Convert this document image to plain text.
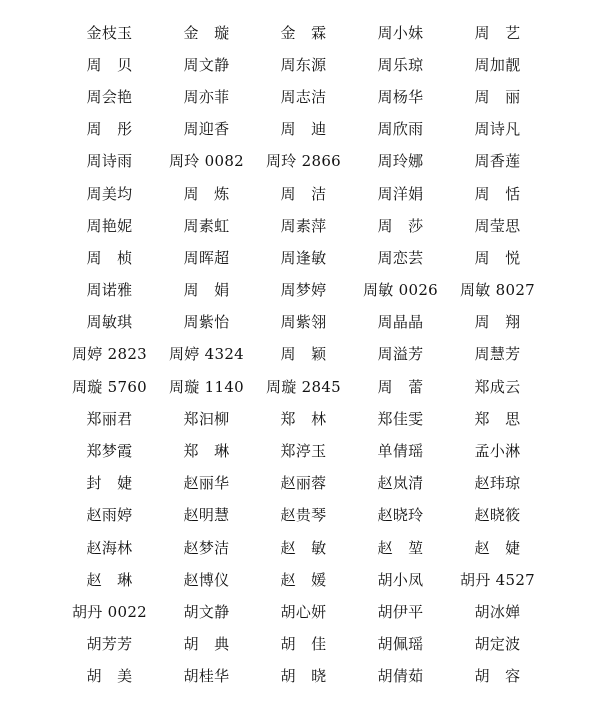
金枝玉	金　璇	金　霖	周小妹	周　艺
周　贝	周文静	周东源	周乐琼	周加靓
周会艳	周亦菲	周志洁	周杨华	周　丽
周　彤	周迎香	周　迪	周欣雨	周诗凡
周诗雨	周玲 0082	周玲 2866	周玲娜	周香莲
周美均	周　炼	周　洁	周洋娟	周　恬
周艳妮	周素虹	周素萍	周　莎	周莹思
周　桢	周晖超	周逢敏	周恋芸	周　悦
周诺雅	周　娟	周梦婷	周敏 0026	周敏 8027
周敏琪	周紫怡	周紫翎	周晶晶	周　翔
周婷 2823	周婷 4324	周　颖	周溢芳	周慧芳
周璇 5760	周璇 1140	周璇 2845	周　蕾	郑成云
郑丽君	郑汩柳	郑　林	郑佳雯	郑　思
郑梦霞	郑　琳	郑渟玉	单倩瑶	孟小淋
封　婕	赵丽华	赵丽蓉	赵岚清	赵玮琼
赵雨婷	赵明慧	赵贵琴	赵晓玲	赵晓筱
赵海林	赵梦洁	赵　敏	赵　堃	赵　婕
赵　琳	赵博仪	赵　媛	胡小凤	胡丹 4527
胡丹 0022	胡文静	胡心妍	胡伊平	胡冰婵
胡芳芳	胡　典	胡　佳	胡佩瑶	胡定波
胡　美	胡桂华	胡　晓	胡倩茹	胡　容
